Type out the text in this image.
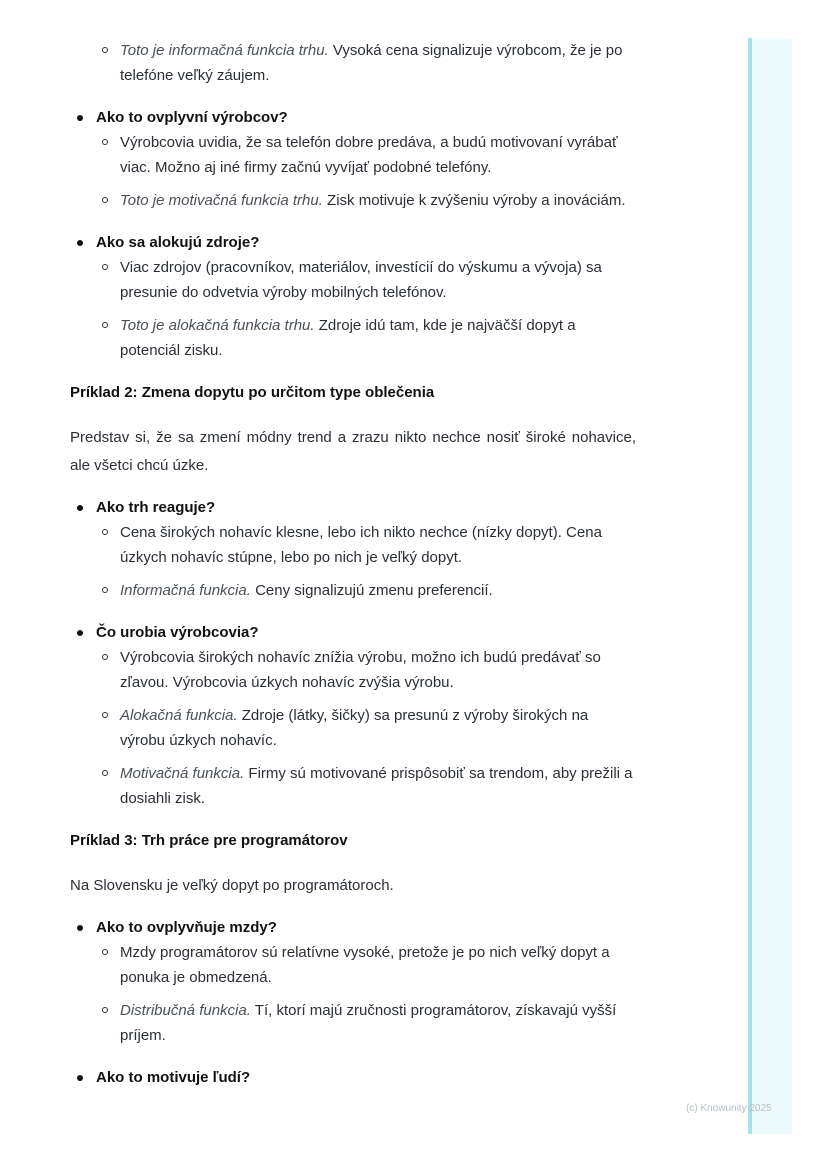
Toto je informačná funkcia trhu. Vysoká cena signalizuje výrobcom, že je po telefóne veľký záujem.
Ako to ovplyvní výrobcov?
Výrobcovia uvidia, že sa telefón dobre predáva, a budú motivovaní vyrábať viac. Možno aj iné firmy začnú vyvíjať podobné telefóny.
Toto je motivačná funkcia trhu. Zisk motivuje k zvýšeniu výroby a inováciám.
Ako sa alokujú zdroje?
Viac zdrojov (pracovníkov, materiálov, investícií do výskumu a vývoja) sa presunie do odvetvia výroby mobilných telefónov.
Toto je alokačná funkcia trhu. Zdroje idú tam, kde je najväčší dopyt a potenciál zisku.
Príklad 2: Zmena dopytu po určitom type oblečenia
Predstav si, že sa zmení módny trend a zrazu nikto nechce nosiť široké nohavice, ale všetci chcú úzke.
Ako trh reaguje?
Cena širokých nohavíc klesne, lebo ich nikto nechce (nízky dopyt). Cena úzkych nohavíc stúpne, lebo po nich je veľký dopyt.
Informačná funkcia. Ceny signalizujú zmenu preferencií.
Čo urobia výrobcovia?
Výrobcovia širokých nohavíc znížia výrobu, možno ich budú predávať so zľavou. Výrobcovia úzkych nohavíc zvýšia výrobu.
Alokačná funkcia. Zdroje (látky, šičky) sa presunú z výroby širokých na výrobu úzkych nohavíc.
Motivačná funkcia. Firmy sú motivované prispôsobiť sa trendom, aby prežili a dosiahli zisk.
Príklad 3: Trh práce pre programátorov
Na Slovensku je veľký dopyt po programátoroch.
Ako to ovplyvňuje mzdy?
Mzdy programátorov sú relatívne vysoké, pretože je po nich veľký dopyt a ponuka je obmedzená.
Distribučná funkcia. Tí, ktorí majú zručnosti programátorov, získavajú vyšší príjem.
Ako to motivuje ľudí?
(c) Knowunity 2025
